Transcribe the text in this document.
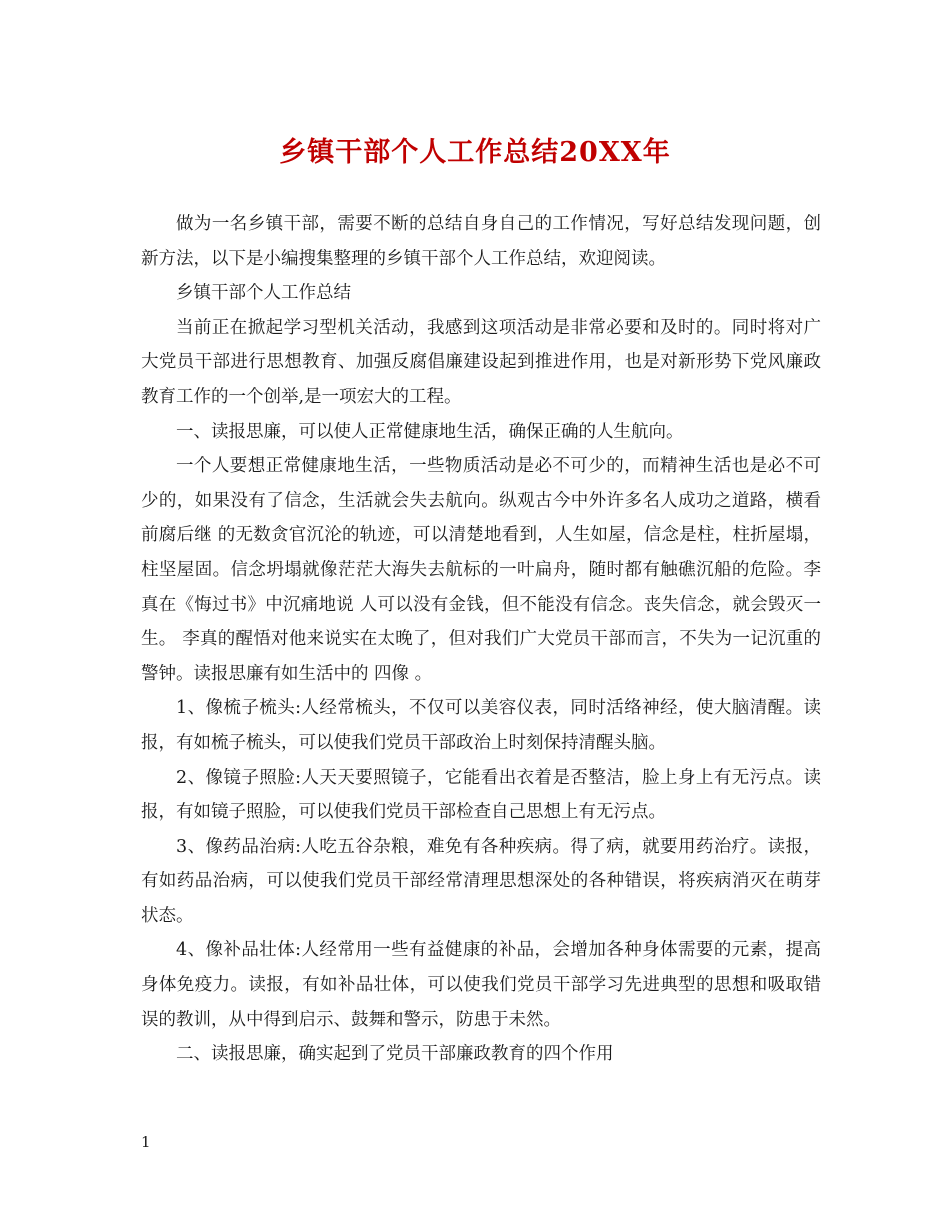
乡镇干部个人工作总结20XX年

做为一名乡镇干部，需要不断的总结自身自己的工作情况，写好总结发现问题，创新方法，以下是小编搜集整理的乡镇干部个人工作总结，欢迎阅读。

乡镇干部个人工作总结

当前正在掀起学习型机关活动，我感到这项活动是非常必要和及时的。同时将对广大党员干部进行思想教育、加强反腐倡廉建设起到推进作用，也是对新形势下党风廉政教育工作的一个创举,是一项宏大的工程。

一、读报思廉，可以使人正常健康地生活，确保正确的人生航向。

一个人要想正常健康地生活，一些物质活动是必不可少的，而精神生活也是必不可少的，如果没有了信念，生活就会失去航向。纵观古今中外许多名人成功之道路，横看 前腐后继 的无数贪官沉沦的轨迹，可以清楚地看到，人生如屋，信念是柱，柱折屋塌，柱坚屋固。信念坍塌就像茫茫大海失去航标的一叶扁舟，随时都有触礁沉船的危险。李真在《悔过书》中沉痛地说 人可以没有金钱，但不能没有信念。丧失信念，就会毁灭一生。 李真的醒悟对他来说实在太晚了，但对我们广大党员干部而言，不失为一记沉重的警钟。读报思廉有如生活中的 四像 。

1、像梳子梳头:人经常梳头，不仅可以美容仪表，同时活络神经，使大脑清醒。读报，有如梳子梳头，可以使我们党员干部政治上时刻保持清醒头脑。

2、像镜子照脸:人天天要照镜子，它能看出衣着是否整洁，脸上身上有无污点。读报，有如镜子照脸，可以使我们党员干部检查自己思想上有无污点。

3、像药品治病:人吃五谷杂粮，难免有各种疾病。得了病，就要用药治疗。读报，有如药品治病，可以使我们党员干部经常清理思想深处的各种错误，将疾病消灭在萌芽状态。

4、像补品壮体:人经常用一些有益健康的补品，会增加各种身体需要的元素，提高身体免疫力。读报，有如补品壮体，可以使我们党员干部学习先进典型的思想和吸取错误的教训，从中得到启示、鼓舞和警示，防患于未然。

二、读报思廉，确实起到了党员干部廉政教育的四个作用

1
